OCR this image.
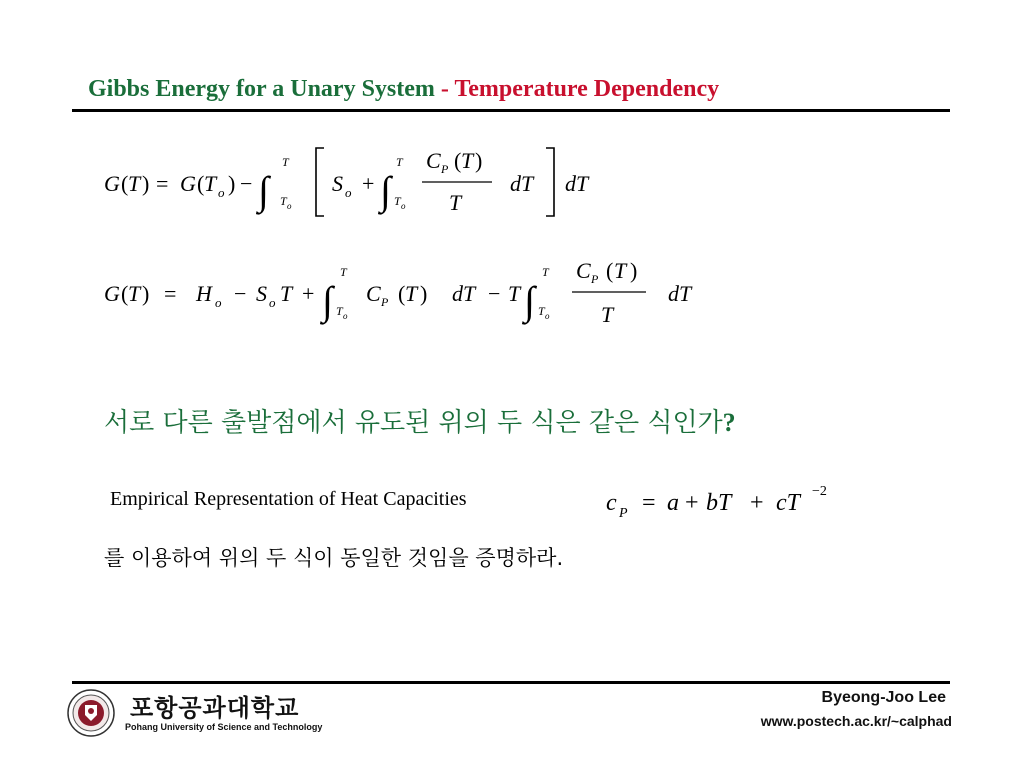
Gibbs Energy for a Unary System - Temperature Dependency
G ( T ) = G ( T o ) − ∫
T
T o
S o + ∫
T
T o
C P ( T )
T
dT dT
G ( T ) = H o − S o T + ∫
T
T o
C P ( T ) dT − T ∫
T
T o
C P ( T )
T
dT
c P = a + bT + cT −2
서로 다른 출발점에서 유도된 위의 두 식은 같은 식인가?
Empirical Representation of Heat Capacities
를 이용하여 위의 두 식이 동일한 것임을 증명하라.
포항공과대학교
Pohang University of Science and Technology
Byeong-Joo Lee
www.postech.ac.kr/~calphad
